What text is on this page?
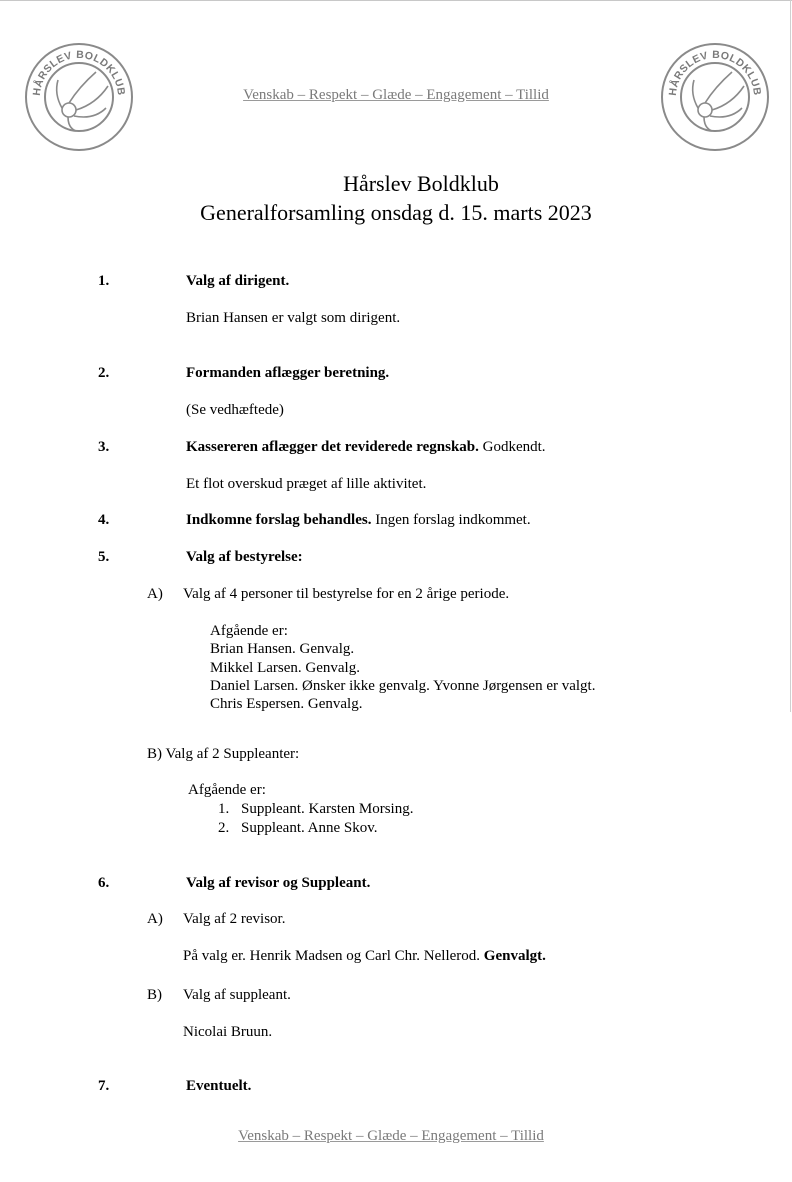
HÅRSLEV BOLDKLUB	HÅRSLEV BOLDKLUB
Venskab – Respekt – Glæde – Engagement – Tillid
Hårslev Boldklub
Generalforsamling onsdag d. 15. marts 2023
1.	Valg af dirigent.
Brian Hansen er valgt som dirigent.
2.	Formanden aflægger beretning.
(Se vedhæftede)
3.	Kassereren aflægger det reviderede regnskab. Godkendt.
Et flot overskud præget af lille aktivitet.
4.	Indkomne forslag behandles. Ingen forslag indkommet.
5.	Valg af bestyrelse:
A) Valg af 4 personer til bestyrelse for en 2 årige periode.
Afgående er:
Brian Hansen. Genvalg.
Mikkel Larsen. Genvalg.
Daniel Larsen. Ønsker ikke genvalg. Yvonne Jørgensen er valgt.
Chris Espersen. Genvalg.
B) Valg af 2 Suppleanter:
Afgående er:
1. Suppleant. Karsten Morsing.
2. Suppleant. Anne Skov.
6.	Valg af revisor og Suppleant.
A) Valg af 2 revisor.
På valg er. Henrik Madsen og Carl Chr. Nellerod. Genvalgt.
B) Valg af suppleant.
Nicolai Bruun.
7.	Eventuelt.
Venskab – Respekt – Glæde – Engagement – Tillid
